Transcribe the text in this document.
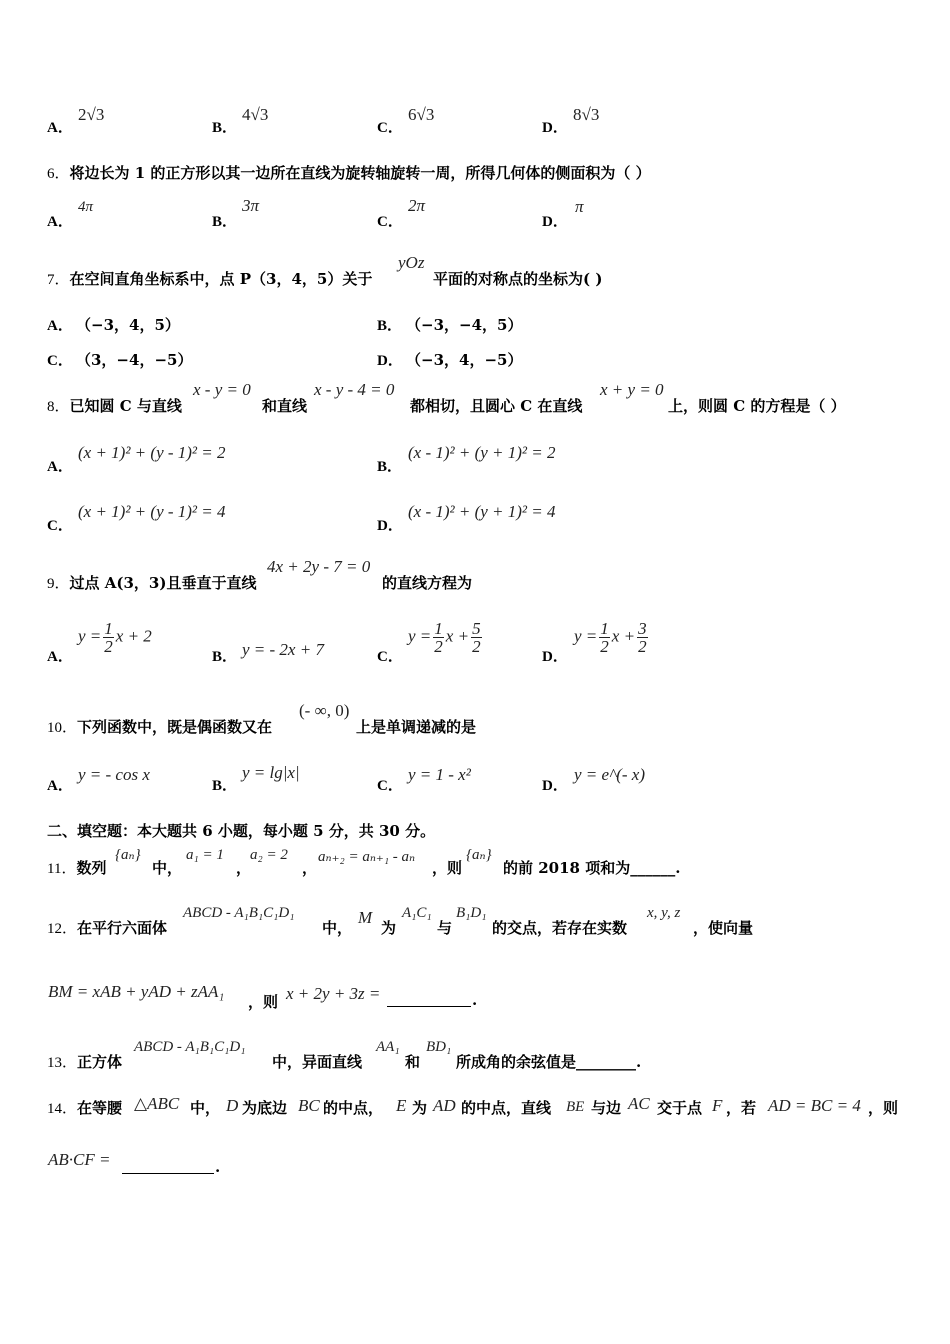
A．
2√3
B．
4√3
C．
6√3
D．
8√3
6．将边长为 1 的正方形以其一边所在直线为旋转轴旋转一周，所得几何体的侧面积为（ ）
A．
4π
B．
3π
C．
2π
D．
π
7．在空间直角坐标系中，点 P（3，4，5）关于
yOz
平面的对称点的坐标为( )
A． （−3，4，5）	B． （−3，−4，5）
C． （3，−4，−5）	D． （−3，4，−5）
8．已知圆 C 与直线
x - y = 0
和直线
x - y - 4 = 0
都相切，且圆心 C 在直线
x + y = 0
上，则圆 C 的方程是（ ）
A．
(x + 1)² + (y - 1)² = 2
B．
(x - 1)² + (y + 1)² = 2
C．
(x + 1)² + (y - 1)² = 4
D．
(x - 1)² + (y + 1)² = 4
9．过点 A(3，3)且垂直于直线
4x + 2y - 7 = 0
的直线方程为
A．
$y = \frac{1}{2}$ x + 2
B． y = - 2x + 7	C．
$y = \frac{1}{2}$ $x + \frac{5}{2}$
D．
$y = \frac{1}{2}$ $x + \frac{3}{2}$
10．下列函数中，既是偶函数又在
(- ∞, 0)
上是单调递减的是
A．
y = - cos x
B．
y = lg|x|
C．
y = 1 - x²
D．
y = e^(- x)
二、填空题：本大题共 6 小题，每小题 5 分，共 30 分。
11．数列
{aₙ}
中，
a₁ = 1
，
a₂ = 2
，
aₙ₊₂ = aₙ₊₁ - aₙ
，则
{aₙ}
的前 2018 项和为______.
12．在平行六面体
ABCD - A₁B₁C₁D₁
中，
M
为
A₁C₁
与
B₁D₁
的交点，若存在实数
x, y, z
，使向量
BM = xAB + yAD + zAA₁
，则 x + 2y + 3z =	.
13．正方体
ABCD - A₁B₁C₁D₁
中，异面直线
AA₁
和
BD₁
所成角的余弦值是________.
14．在等腰 △ABC 中， D 为底边 BC 的中点， E 为 AD 的中点，直线 BE 与边 AC 交于点 F ，若 AD = BC = 4 ，则
AB·CF =	.
